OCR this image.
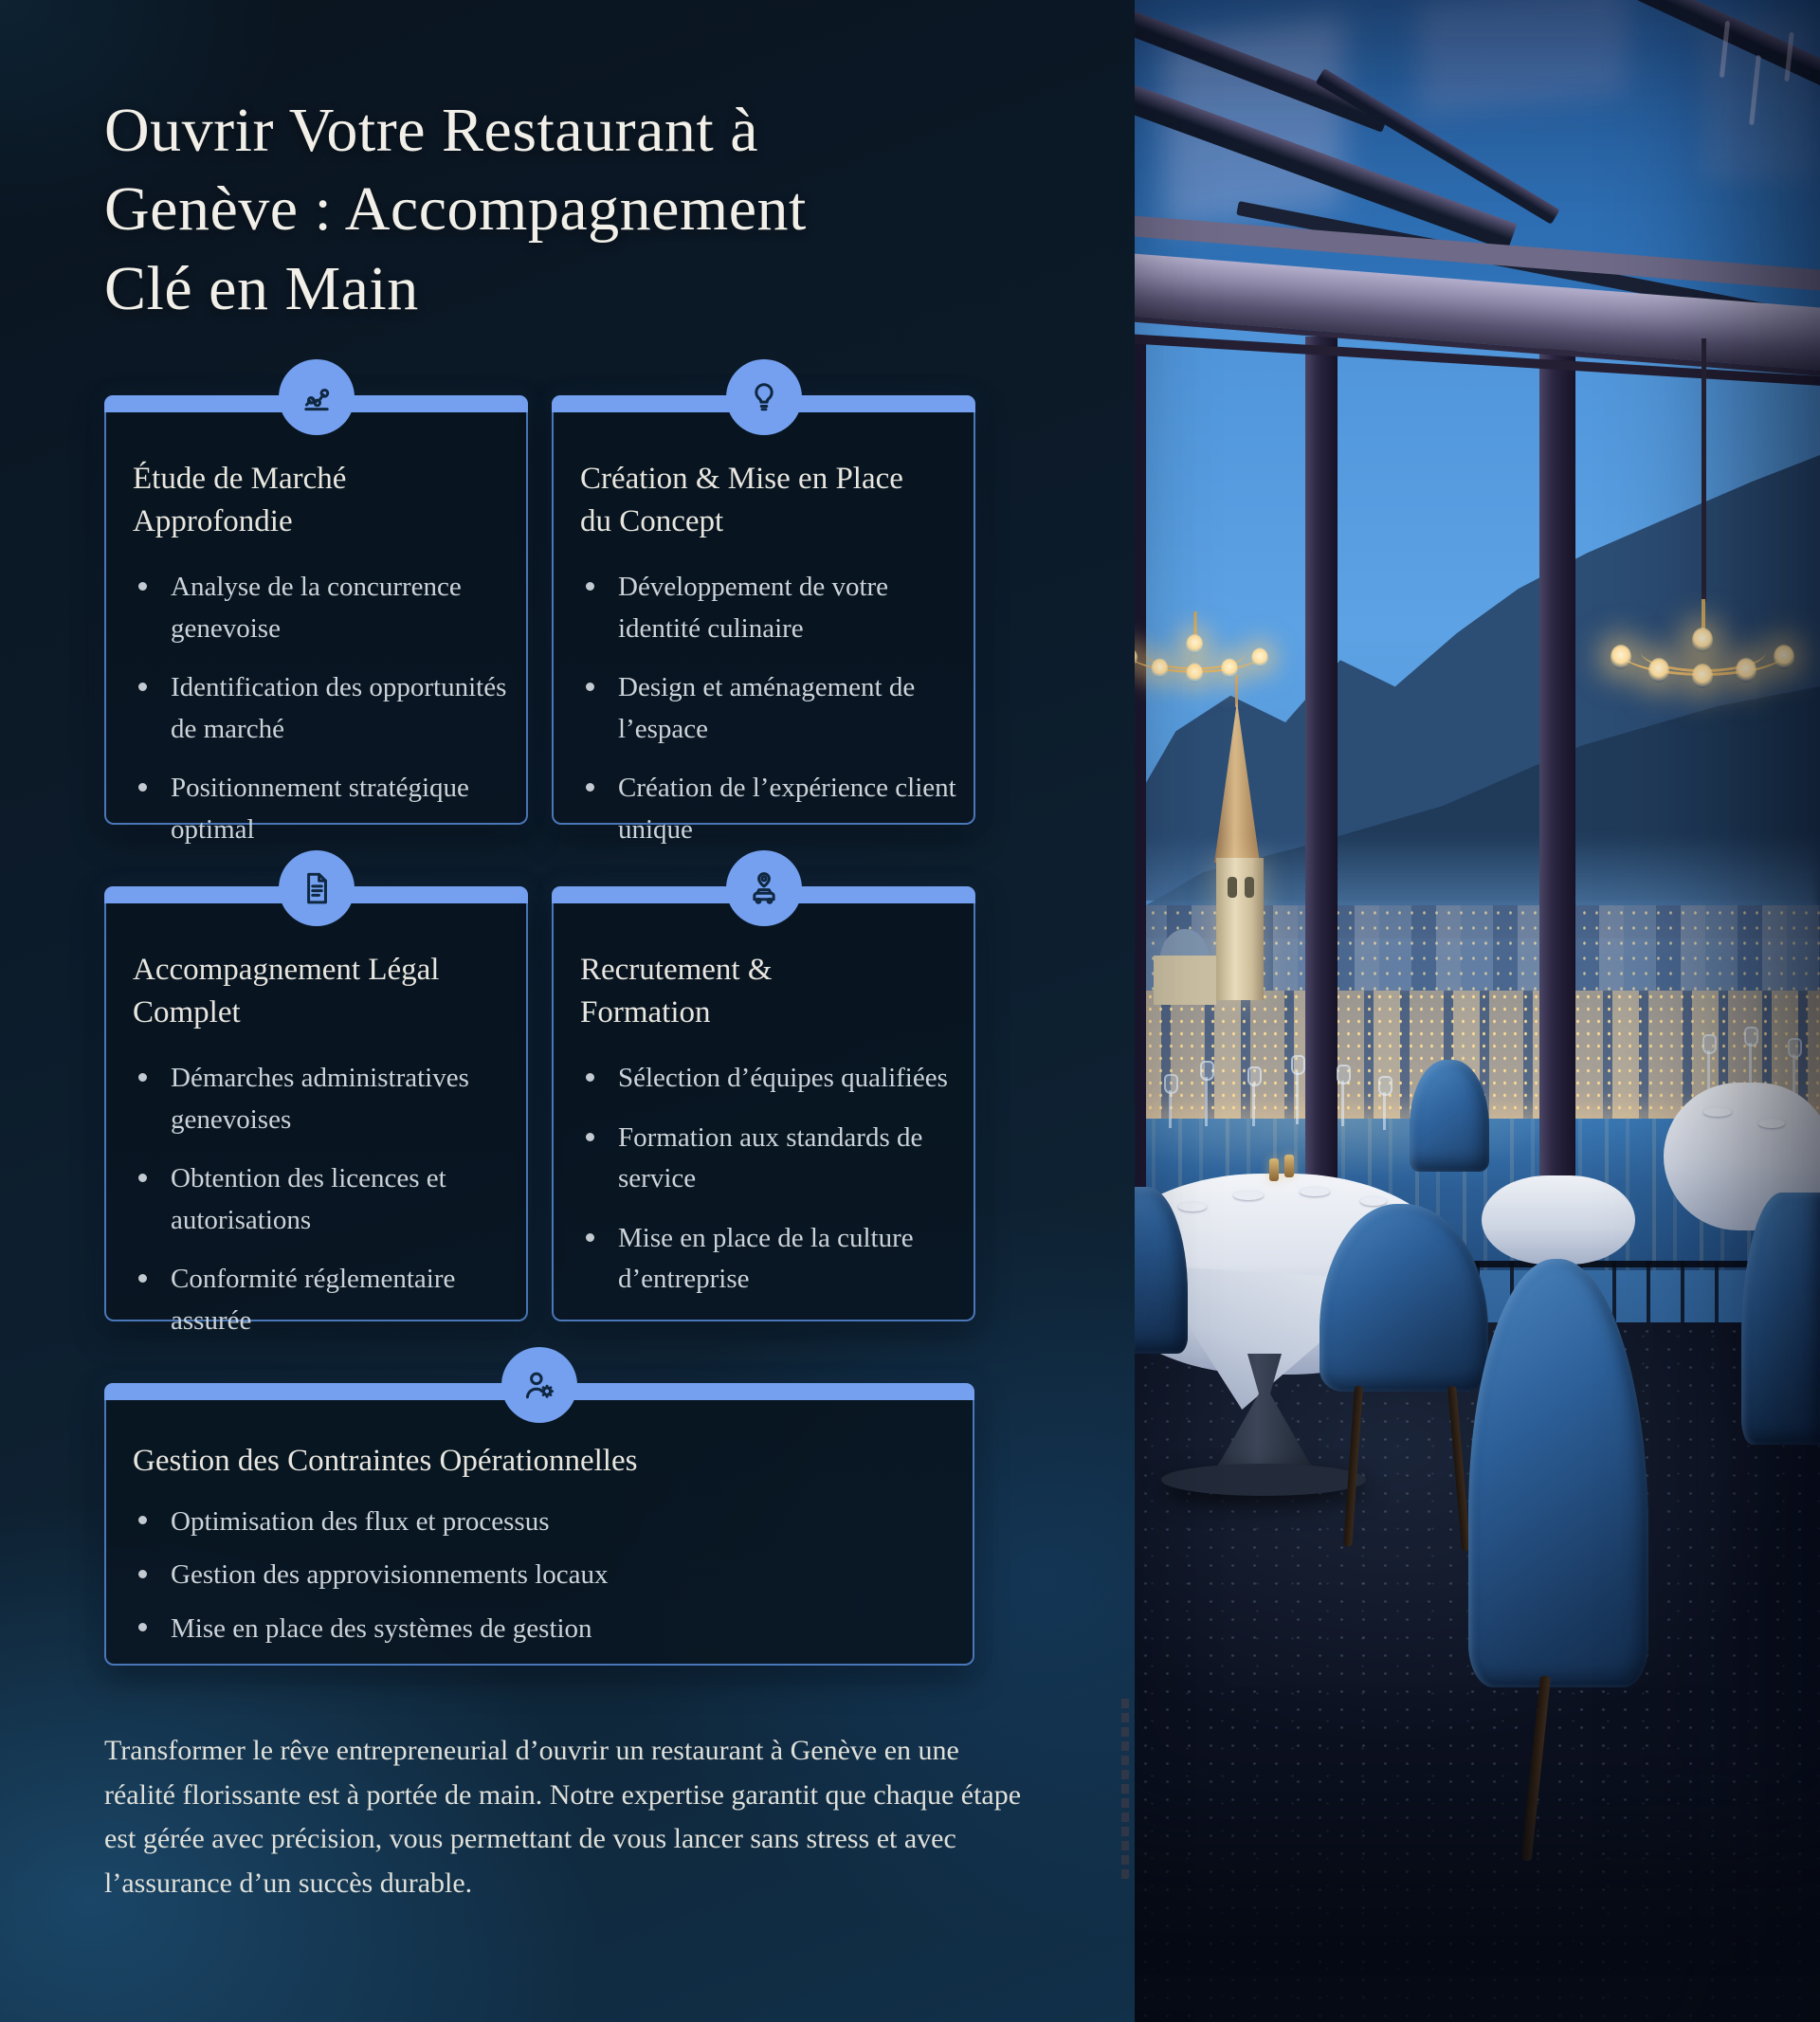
Ouvrir Votre Restaurant à
Genève : Accompagnement
Clé en Main
Étude de Marché
Approfondie
Analyse de la concurrence genevoise
Identification des opportunités de marché
Positionnement stratégique optimal
Création & Mise en Place
du Concept
Développement de votre identité culinaire
Design et aménagement de l’espace
Création de l’expérience client unique
Accompagnement Légal
Complet
Démarches administratives genevoises
Obtention des licences et autorisations
Conformité réglementaire assurée
Recrutement &
Formation
Sélection d’équipes qualifiées
Formation aux standards de service
Mise en place de la culture d’entreprise
Gestion des Contraintes Opérationnelles
Optimisation des flux et processus
Gestion des approvisionnements locaux
Mise en place des systèmes de gestion

Transformer le rêve entrepreneurial d’ouvrir un restaurant à Genève en une réalité florissante est à portée de main. Notre expertise garantit que chaque étape est gérée avec précision, vous permettant de vous lancer sans stress et avec l’assurance d’un succès durable.
